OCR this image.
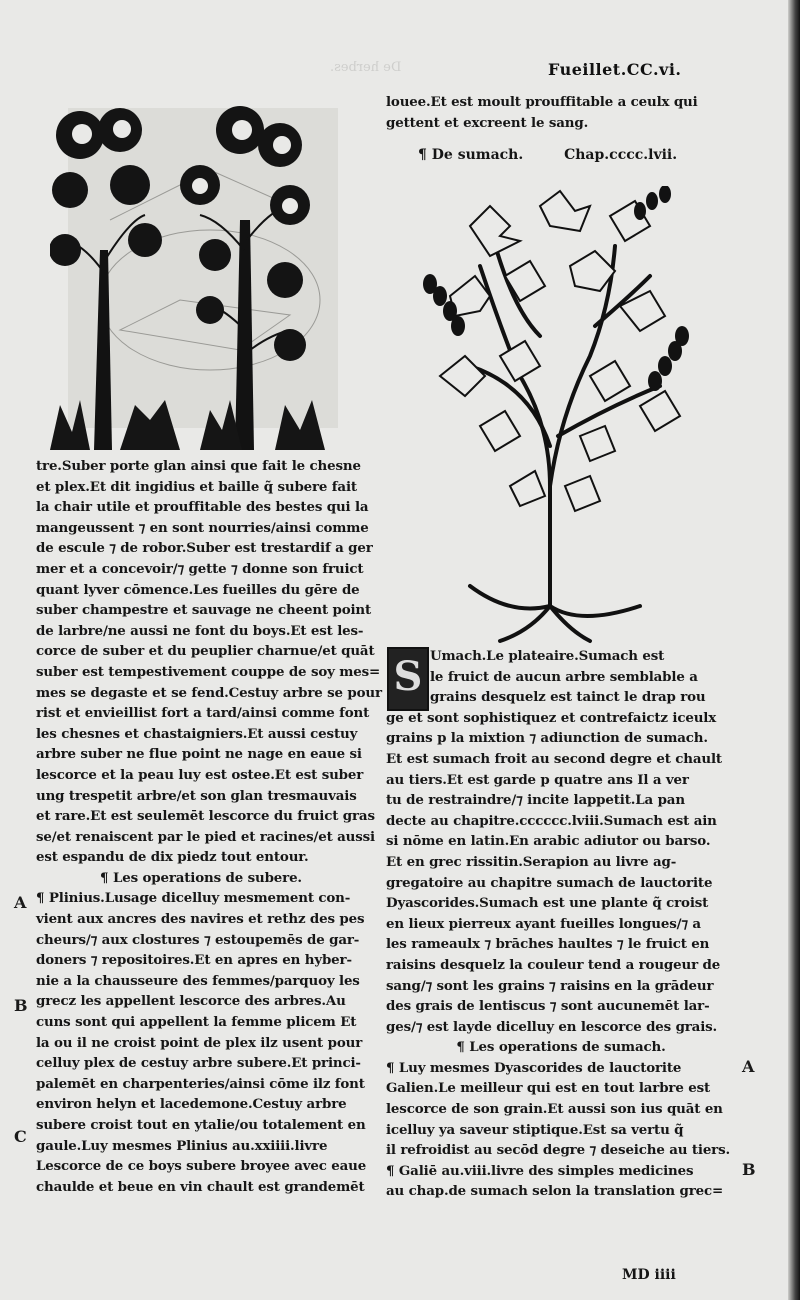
De herbes.	Fueillet.CC.vi.
tre.Suber porte glan ainsi que fait le chesne
et plex.Et dit ingidius et baille q̃ subere fait
la chair utile et prouffitable des bestes qui la
mangeussent ⁊ en sont nourries/ainsi comme
de escule ⁊ de robor.Suber est trestardif a ger
mer et a concevoir/⁊ gette ⁊ donne son fruict
quant lyver cōmence.Les fueilles du gēre de
suber champestre et sauvage ne cheent point
de larbre/ne aussi ne font du boys.Et est les-
corce de suber et du peuplier charnue/et quāt
suber est tempestivement couppe de soy mes=
mes se degaste et se fend.Cestuy arbre se pour
rist et envieillist fort a tard/ainsi comme font
les chesnes et chastaigniers.Et aussi cestuy
arbre suber ne flue point ne nage en eaue si
lescorce et la peau luy est ostee.Et est suber
ung trespetit arbre/et son glan tresmauvais
et rare.Et est seulemēt lescorce du fruict gras
se/et renaiscent par le pied et racines/et aussi
est espandu de dix piedz tout entour.
¶ Les operations de subere.
¶ Plinius.Lusage dicelluy mesmement con-
vient aux ancres des navires et rethz des pes
cheurs/⁊ aux clostures ⁊ estoupemēs de gar-
doners ⁊ repositoires.Et en apres en hyber-
nie a la chausseure des femmes/parquoy les
grecz les appellent lescorce des arbres.Au
cuns sont qui appellent la femme plicem Et
la ou il ne croist point de plex ilz usent pour
celluy plex de cestuy arbre subere.Et princi-
palemēt en charpenteries/ainsi cōme ilz font
environ helyn et lacedemone.Cestuy arbre
subere croist tout en ytalie/ou totalement en
gaule.Luy mesmes Plinius au.xxiiii.livre
Lescorce de ce boys subere broyee avec eaue
chaulde et beue en vin chault est grandemēt
A
B
C
A
B
louee.Et est moult prouffitable a ceulx qui
gettent et excreent le sang.
¶ De sumach.	Chap.cccc.lvii.
S Umach.Le plateaire.Sumach est
le fruict de aucun arbre semblable a
grains desquelz est tainct le drap rou
ge et sont sophistiquez et contrefaictz iceulx
grains p la mixtion ⁊ adiunction de sumach.
Et est sumach froit au second degre et chault
au tiers.Et est garde p quatre ans Il a ver
tu de restraindre/⁊ incite lappetit.La pan
decte au chapitre.cccccc.lviii.Sumach est ain
si nōme en latin.En arabic adiutor ou barso.
Et en grec rissitin.Serapion au livre ag-
gregatoire au chapitre sumach de lauctorite
Dyascorides.Sumach est une plante q̃ croist
en lieux pierreux ayant fueilles longues/⁊ a
les rameaulx ⁊ brāches haultes ⁊ le fruict en
raisins desquelz la couleur tend a rougeur de
sang/⁊ sont les grains ⁊ raisins en la grādeur
des grais de lentiscus ⁊ sont aucunemēt lar-
ges/⁊ est layde dicelluy en lescorce des grais.
¶ Les operations de sumach.
¶ Luy mesmes Dyascorides de lauctorite
Galien.Le meilleur qui est en tout larbre est
lescorce de son grain.Et aussi son ius quāt en
icelluy ya saveur stiptique.Est sa vertu q̃
il refroidist au secōd degre ⁊ deseiche au tiers.
¶ Galiē au.viii.livre des simples medicines
au chap.de sumach selon la translation grec=
MD iiii
